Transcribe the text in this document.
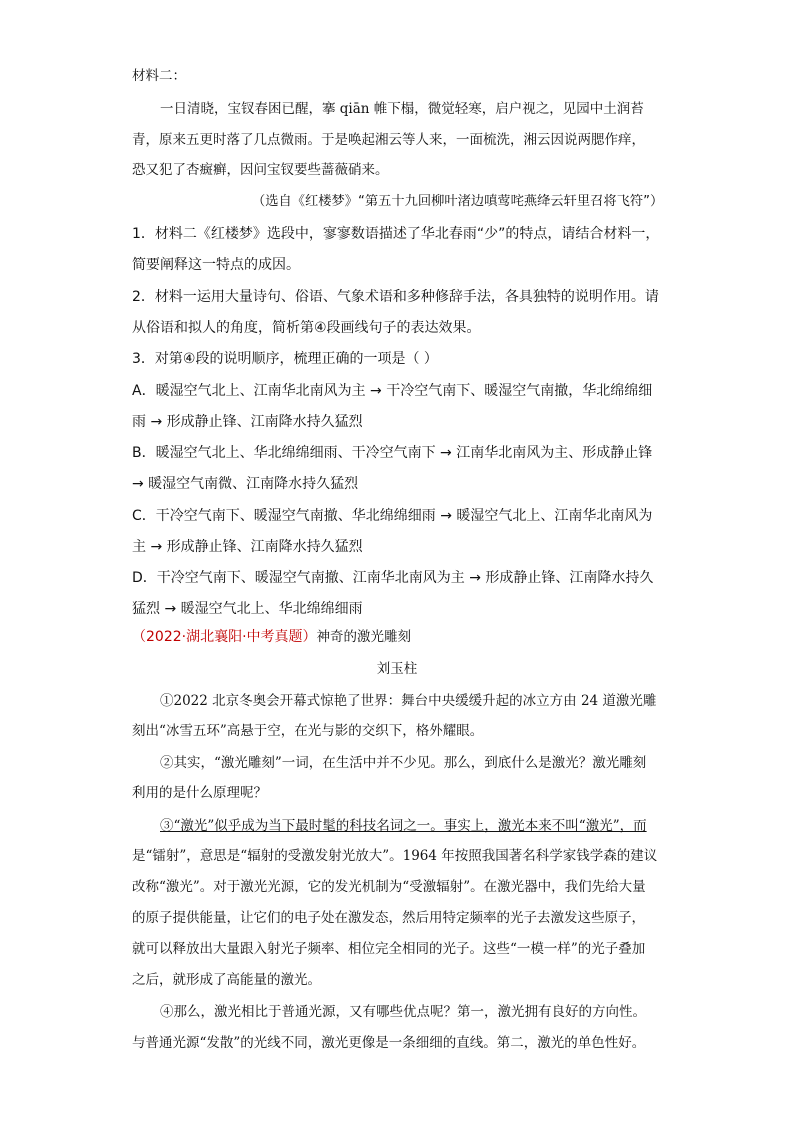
材料二：
一日清晓，宝钗春困已醒，搴 qiān 帷下榻，微觉轻寒，启户视之，见园中土润苔
青，原来五更时落了几点微雨。于是唤起湘云等人来，一面梳洗，湘云因说两腮作痒，
恐又犯了杏癍癣，因问宝钗要些蔷薇硝来。
（选自《红楼梦》“第五十九回柳叶渚边嗔莺咤燕绛云轩里召将飞符”）
1．材料二《红楼梦》选段中，寥寥数语描述了华北春雨“少”的特点，请结合材料一，
简要阐释这一特点的成因。
2．材料一运用大量诗句、俗语、气象术语和多种修辞手法，各具独特的说明作用。请
从俗语和拟人的角度，简析第④段画线句子的表达效果。
3．对第④段的说明顺序，梳理正确的一项是（ ）
A．暖湿空气北上、江南华北南风为主 → 干冷空气南下、暖湿空气南撤，华北绵绵细
雨 → 形成静止锋、江南降水持久猛烈
B．暖湿空气北上、华北绵绵细雨、干冷空气南下 → 江南华北南风为主、形成静止锋
→ 暖湿空气南微、江南降水持久猛烈
C．干冷空气南下、暖湿空气南撤、华北绵绵细雨 → 暖湿空气北上、江南华北南风为
主 → 形成静止锋、江南降水持久猛烈
D．干冷空气南下、暖湿空气南撤、江南华北南风为主 → 形成静止锋、江南降水持久
猛烈 → 暖湿空气北上、华北绵绵细雨
（2022·湖北襄阳·中考真题）神奇的激光雕刻
刘玉柱
①2022 北京冬奥会开幕式惊艳了世界：舞台中央缓缓升起的冰立方由 24 道激光雕
刻出“冰雪五环”高悬于空，在光与影的交织下，格外耀眼。
②其实，“激光雕刻”一词，在生活中并不少见。那么，到底什么是激光？激光雕刻
利用的是什么原理呢？
③“激光”似乎成为当下最时髦的科技名词之一。事实上，激光本来不叫“激光”，而
是“镭射”，意思是“辐射的受激发射光放大”。1964 年按照我国著名科学家钱学森的建议
改称“激光”。对于激光光源，它的发光机制为“受激辐射”。在激光器中，我们先给大量
的原子提供能量，让它们的电子处在激发态，然后用特定频率的光子去激发这些原子，
就可以释放出大量跟入射光子频率、相位完全相同的光子。这些“一模一样”的光子叠加
之后，就形成了高能量的激光。
④那么，激光相比于普通光源，又有哪些优点呢？第一，激光拥有良好的方向性。
与普通光源“发散”的光线不同，激光更像是一条细细的直线。第二，激光的单色性好。
